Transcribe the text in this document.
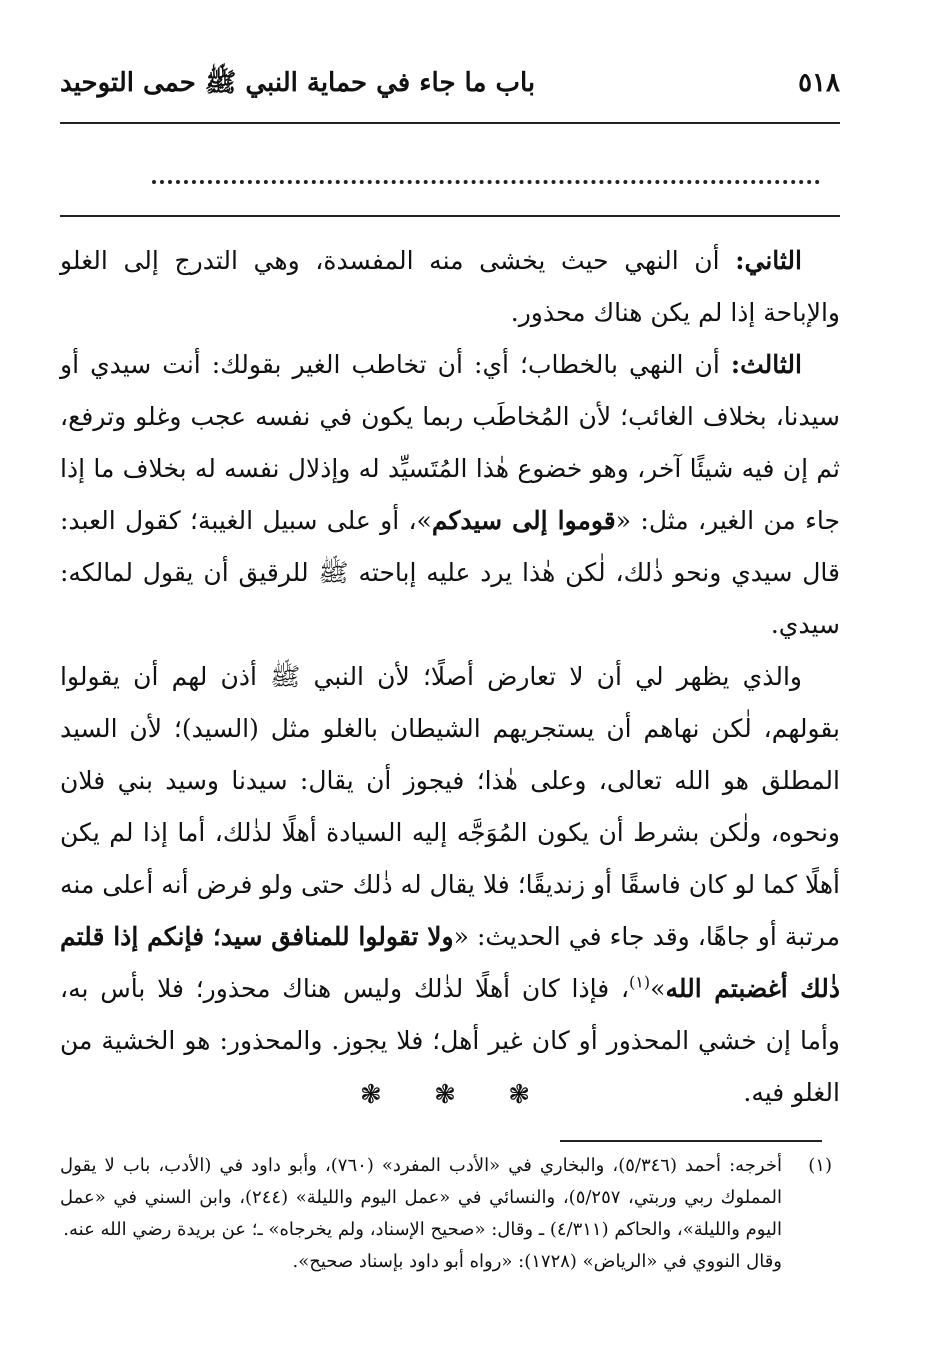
٥١٨
باب ما جاء في حماية النبي ﷺ حمى التوحيد

الثاني: أن النهي حيث يخشى منه المفسدة، وهي التدرج إلى الغلو والإباحة إذا لم يكن هناك محذور.

الثالث: أن النهي بالخطاب؛ أي: أن تخاطب الغير بقولك: أنت سيدي أو سيدنا، بخلاف الغائب؛ لأن المُخاطَب ربما يكون في نفسه عجب وغلو وترفع، ثم إن فيه شيئًا آخر، وهو خضوع هٰذا المُتَسيِّد له وإذلال نفسه له بخلاف ما إذا جاء من الغير، مثل: «قوموا إلى سيدكم»، أو على سبيل الغيبة؛ كقول العبد: قال سيدي ونحو ذٰلك، لٰكن هٰذا يرد عليه إباحته ﷺ للرقيق أن يقول لمالكه: سيدي.

والذي يظهر لي أن لا تعارض أصلًا؛ لأن النبي ﷺ أذن لهم أن يقولوا بقولهم، لٰكن نهاهم أن يستجريهم الشيطان بالغلو مثل (السيد)؛ لأن السيد المطلق هو الله تعالى، وعلى هٰذا؛ فيجوز أن يقال: سيدنا وسيد بني فلان ونحوه، ولٰكن بشرط أن يكون المُوَجَّه إليه السيادة أهلًا لذٰلك، أما إذا لم يكن أهلًا كما لو كان فاسقًا أو زنديقًا؛ فلا يقال له ذٰلك حتى ولو فرض أنه أعلى منه مرتبة أو جاهًا، وقد جاء في الحديث: «ولا تقولوا للمنافق سيد؛ فإنكم إذا قلتم ذٰلك أغضبتم الله»$^{(١)}$، فإذا كان أهلًا لذٰلك وليس هناك محذور؛ فلا بأس به، وأما إن خشي المحذور أو كان غير أهل؛ فلا يجوز. والمحذور: هو الخشية من الغلو فيه.

❃ ❃ ❃
(١)
أخرجه: أحمد (٥/٣٤٦)، والبخاري في «الأدب المفرد» (٧٦٠)، وأبو داود في (الأدب، باب لا يقول المملوك ربي وربتي، ٥/٢٥٧)، والنسائي في «عمل اليوم والليلة» (٢٤٤)، وابن السني في «عمل اليوم والليلة»، والحاكم (٤/٣١١) ـ وقال: «صحيح الإسناد، ولم يخرجاه» ـ؛ عن بريدة رضي الله عنه.

وقال النووي في «الرياض» (١٧٢٨): «رواه أبو داود بإسناد صحيح».
